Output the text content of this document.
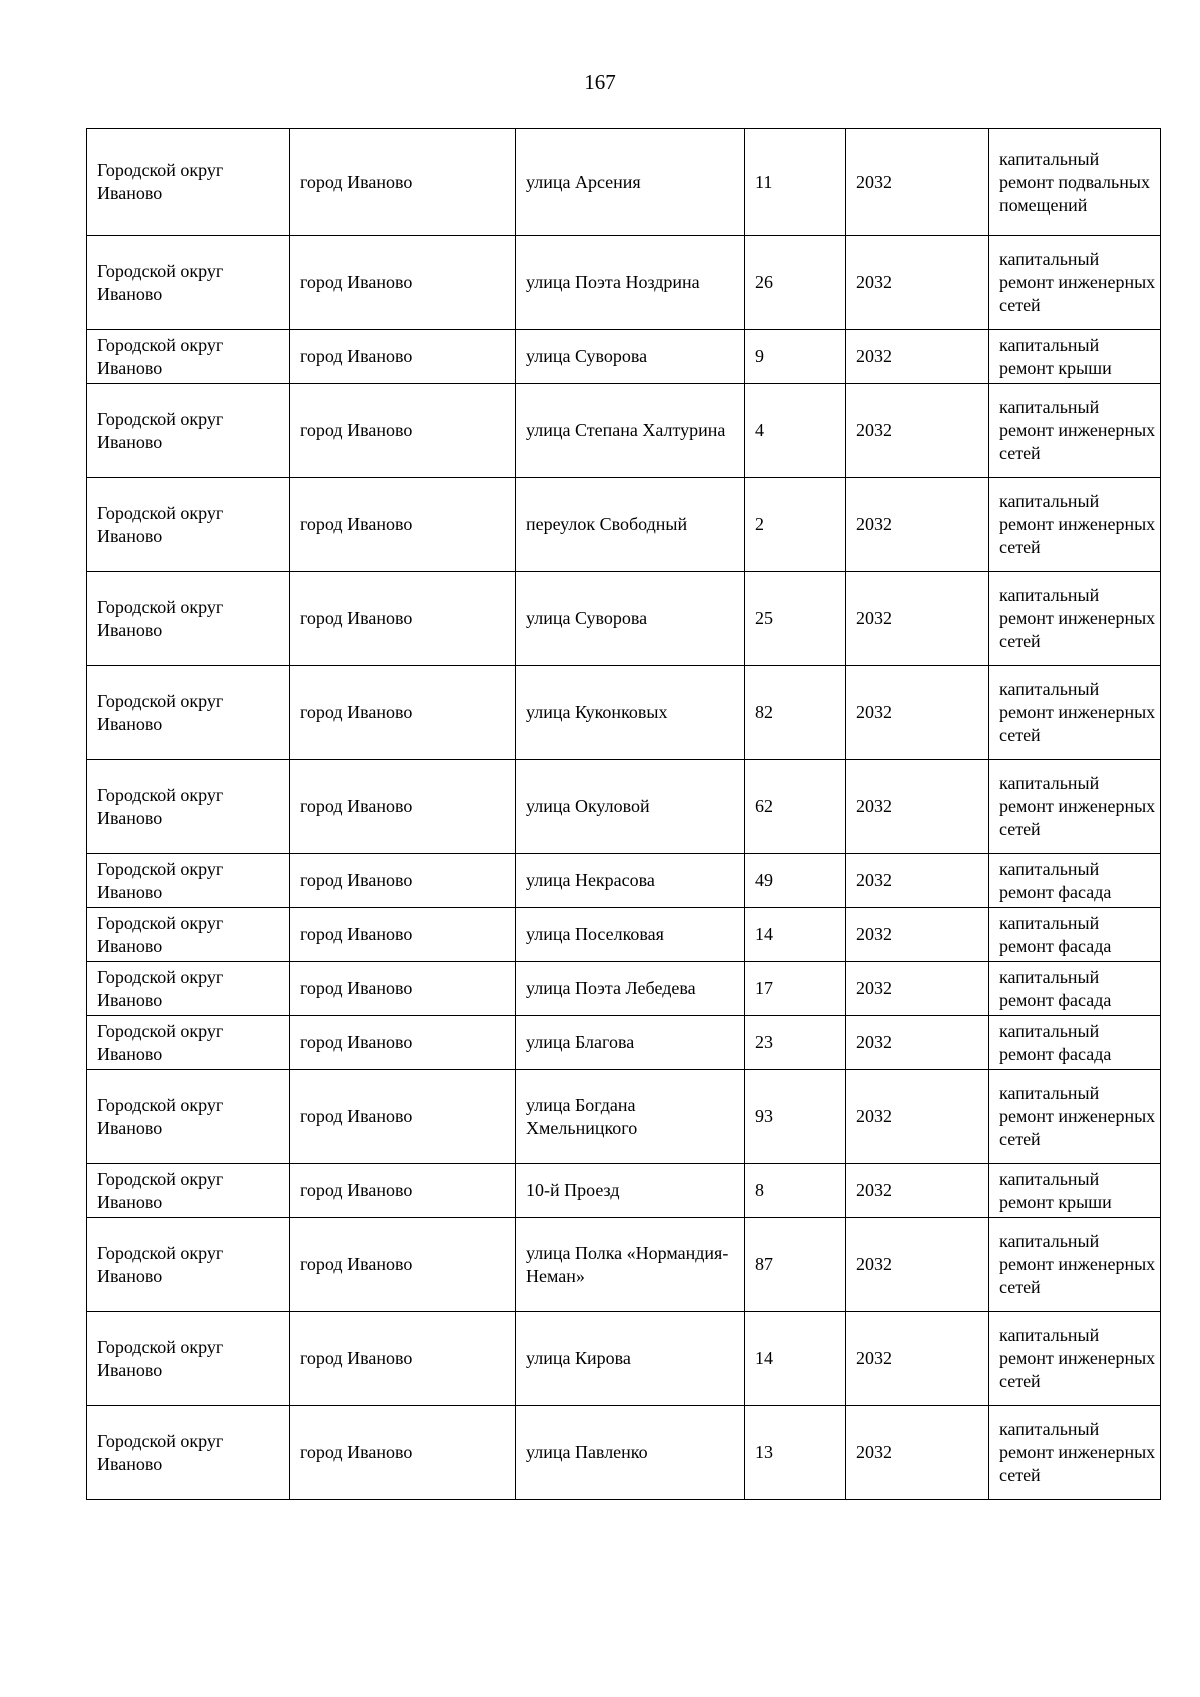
167
Городской округ Иваново	город Иваново	улица Арсения	11	2032	капитальный ремонт подвальных помещений
Городской округ Иваново	город Иваново	улица Поэта Ноздрина	26	2032	капитальный ремонт инженерных сетей
Городской округ Иваново	город Иваново	улица Суворова	9	2032	капитальный ремонт крыши
Городской округ Иваново	город Иваново	улица Степана Халтурина	4	2032	капитальный ремонт инженерных сетей
Городской округ Иваново	город Иваново	переулок Свободный	2	2032	капитальный ремонт инженерных сетей
Городской округ Иваново	город Иваново	улица Суворова	25	2032	капитальный ремонт инженерных сетей
Городской округ Иваново	город Иваново	улица Куконковых	82	2032	капитальный ремонт инженерных сетей
Городской округ Иваново	город Иваново	улица Окуловой	62	2032	капитальный ремонт инженерных сетей
Городской округ Иваново	город Иваново	улица Некрасова	49	2032	капитальный ремонт фасада
Городской округ Иваново	город Иваново	улица Поселковая	14	2032	капитальный ремонт фасада
Городской округ Иваново	город Иваново	улица Поэта Лебедева	17	2032	капитальный ремонт фасада
Городской округ Иваново	город Иваново	улица Благова	23	2032	капитальный ремонт фасада
Городской округ Иваново	город Иваново	улица Богдана Хмельницкого	93	2032	капитальный ремонт инженерных сетей
Городской округ Иваново	город Иваново	10-й Проезд	8	2032	капитальный ремонт крыши
Городской округ Иваново	город Иваново	улица Полка «Нормандия-Неман»	87	2032	капитальный ремонт инженерных сетей
Городской округ Иваново	город Иваново	улица Кирова	14	2032	капитальный ремонт инженерных сетей
Городской округ Иваново	город Иваново	улица Павленко	13	2032	капитальный ремонт инженерных сетей
